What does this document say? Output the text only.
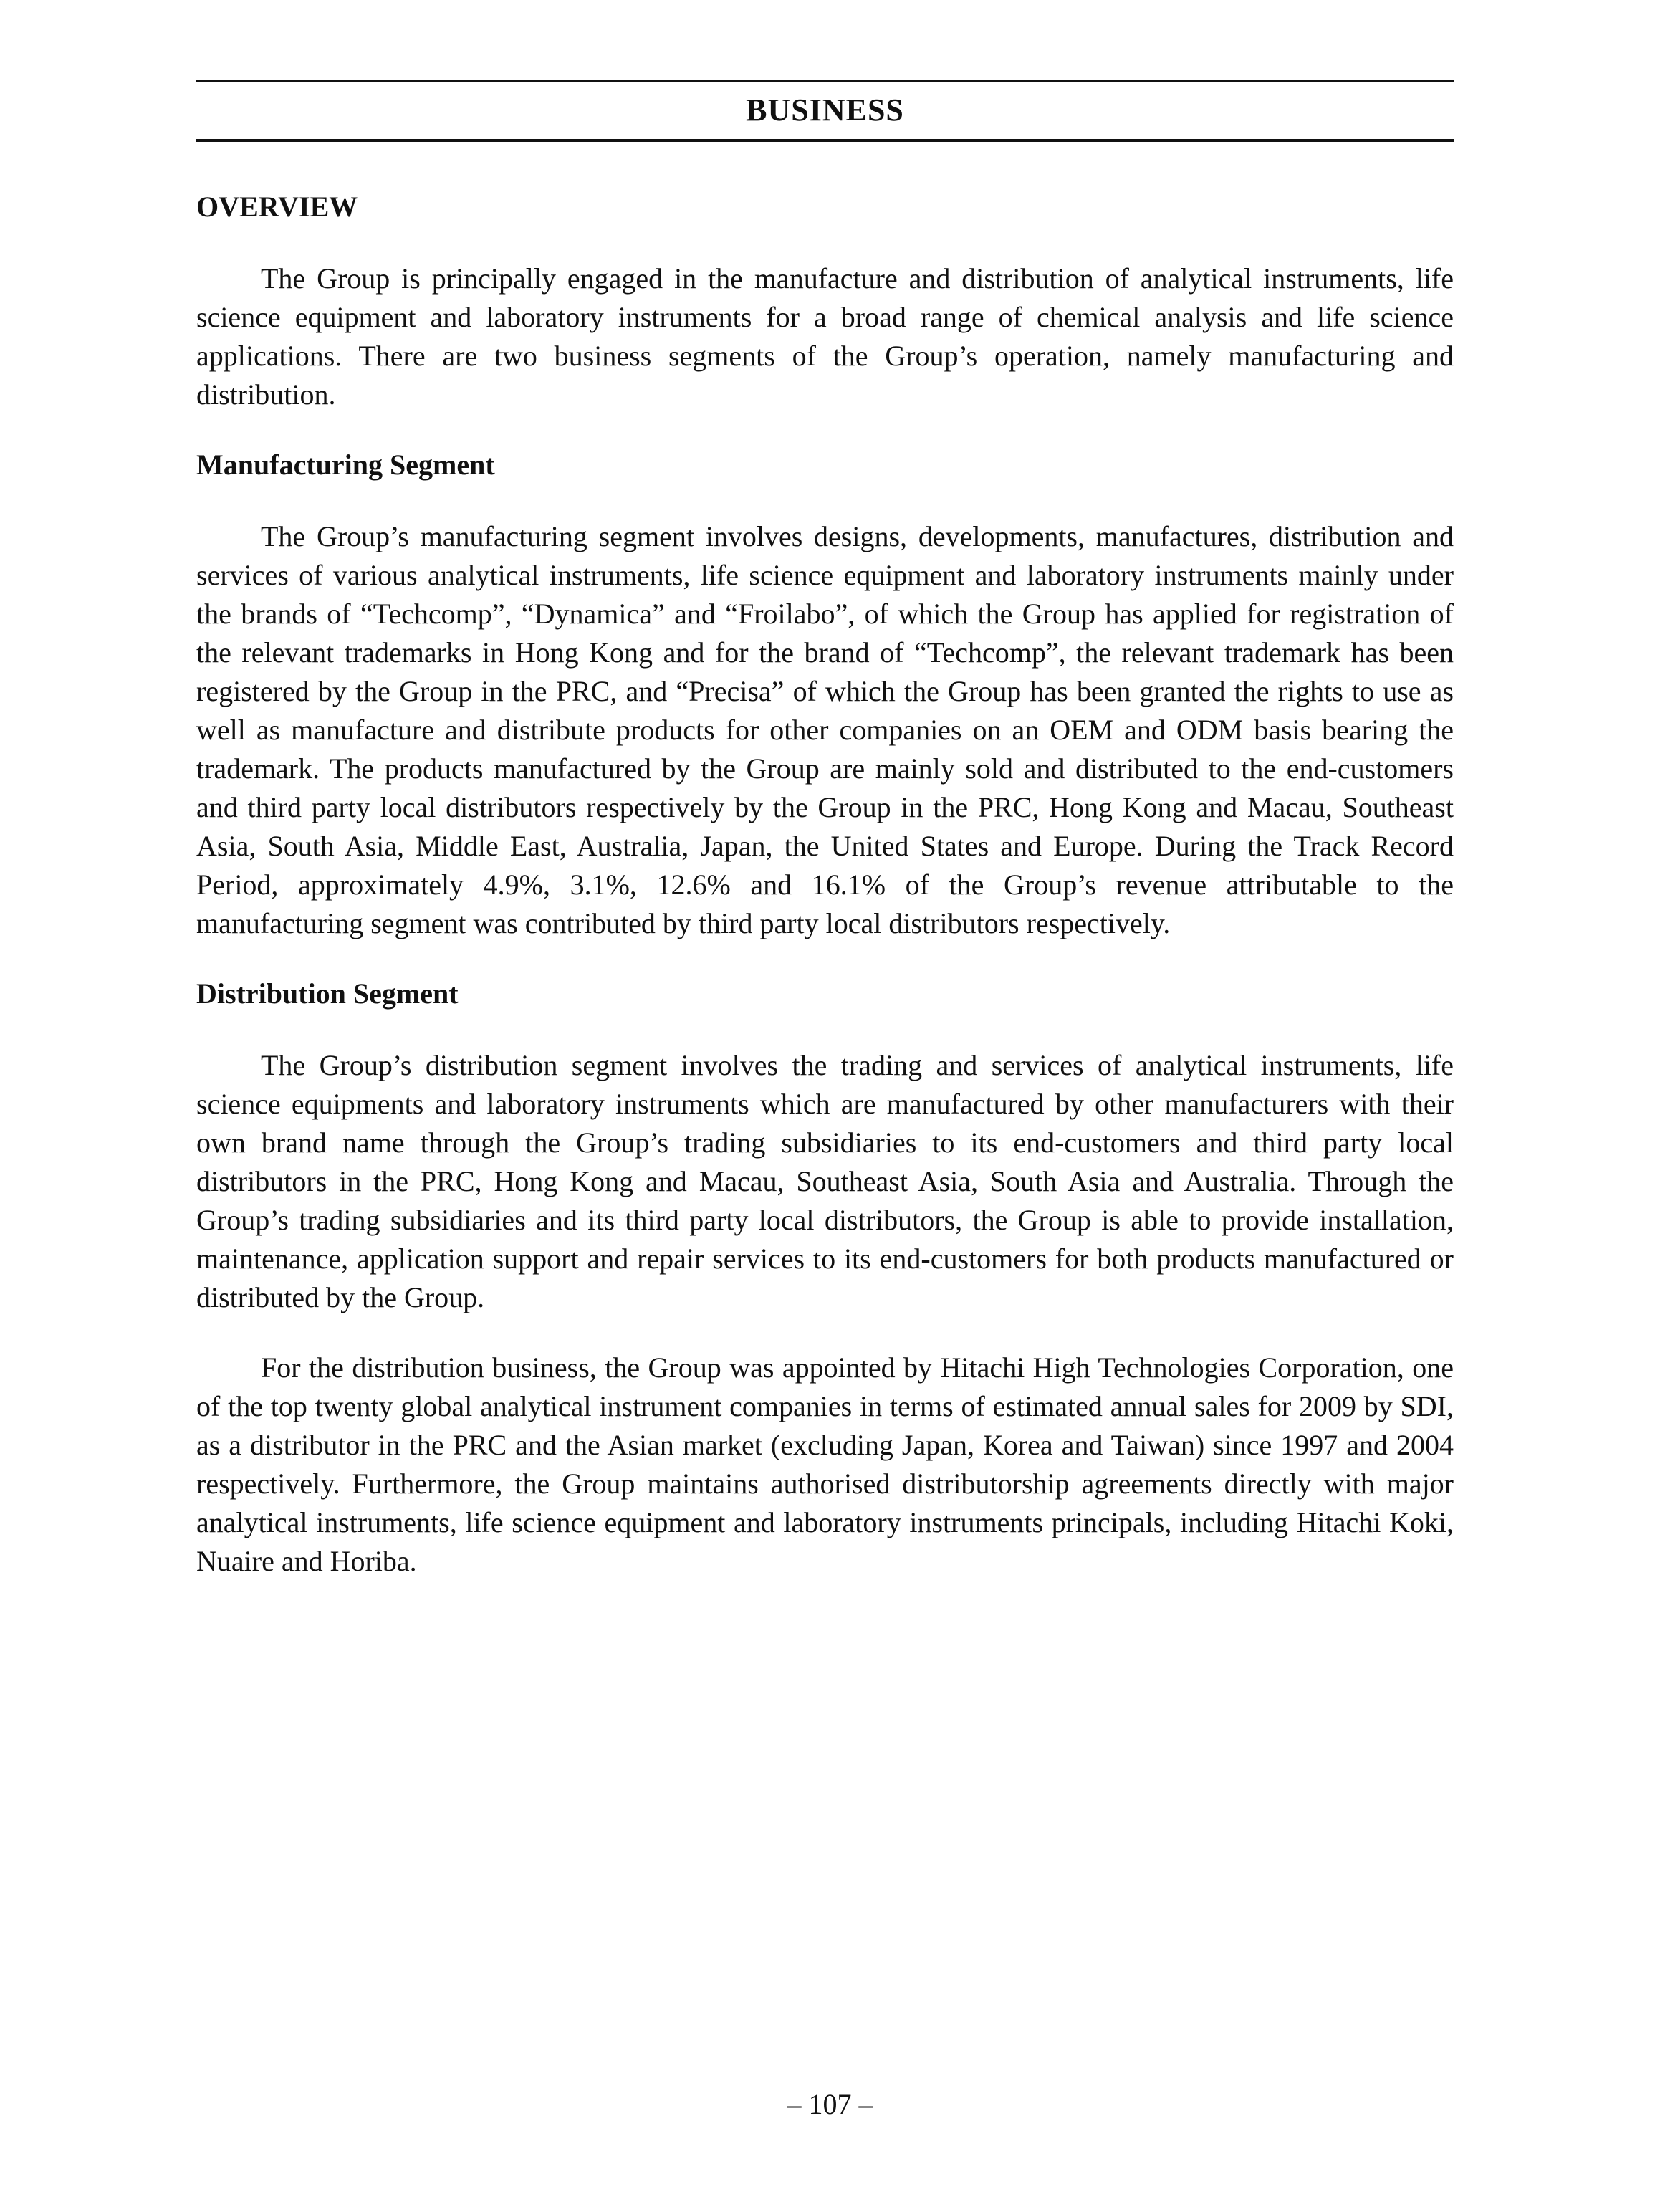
BUSINESS
OVERVIEW

The Group is principally engaged in the manufacture and distribution of analytical instruments, life science equipment and laboratory instruments for a broad range of chemical analysis and life science applications. There are two business segments of the Group’s operation, namely manufacturing and distribution.

Manufacturing Segment

The Group’s manufacturing segment involves designs, developments, manufactures, distribution and services of various analytical instruments, life science equipment and laboratory instruments mainly under the brands of “Techcomp”, “Dynamica” and “Froilabo”, of which the Group has applied for registration of the relevant trademarks in Hong Kong and for the brand of “Techcomp”, the relevant trademark has been registered by the Group in the PRC, and “Precisa” of which the Group has been granted the rights to use as well as manufacture and distribute products for other companies on an OEM and ODM basis bearing the trademark. The products manufactured by the Group are mainly sold and distributed to the end-customers and third party local distributors respectively by the Group in the PRC, Hong Kong and Macau, Southeast Asia, South Asia, Middle East, Australia, Japan, the United States and Europe. During the Track Record Period, approximately 4.9%, 3.1%, 12.6% and 16.1% of the Group’s revenue attributable to the manufacturing segment was contributed by third party local distributors respectively.

Distribution Segment

The Group’s distribution segment involves the trading and services of analytical instruments, life science equipments and laboratory instruments which are manufactured by other manufacturers with their own brand name through the Group’s trading subsidiaries to its end-customers and third party local distributors in the PRC, Hong Kong and Macau, Southeast Asia, South Asia and Australia. Through the Group’s trading subsidiaries and its third party local distributors, the Group is able to provide installation, maintenance, application support and repair services to its end-customers for both products manufactured or distributed by the Group.

For the distribution business, the Group was appointed by Hitachi High Technologies Corporation, one of the top twenty global analytical instrument companies in terms of estimated annual sales for 2009 by SDI, as a distributor in the PRC and the Asian market (excluding Japan, Korea and Taiwan) since 1997 and 2004 respectively. Furthermore, the Group maintains authorised distributorship agreements directly with major analytical instruments, life science equipment and laboratory instruments principals, including Hitachi Koki, Nuaire and Horiba.

– 107 –
